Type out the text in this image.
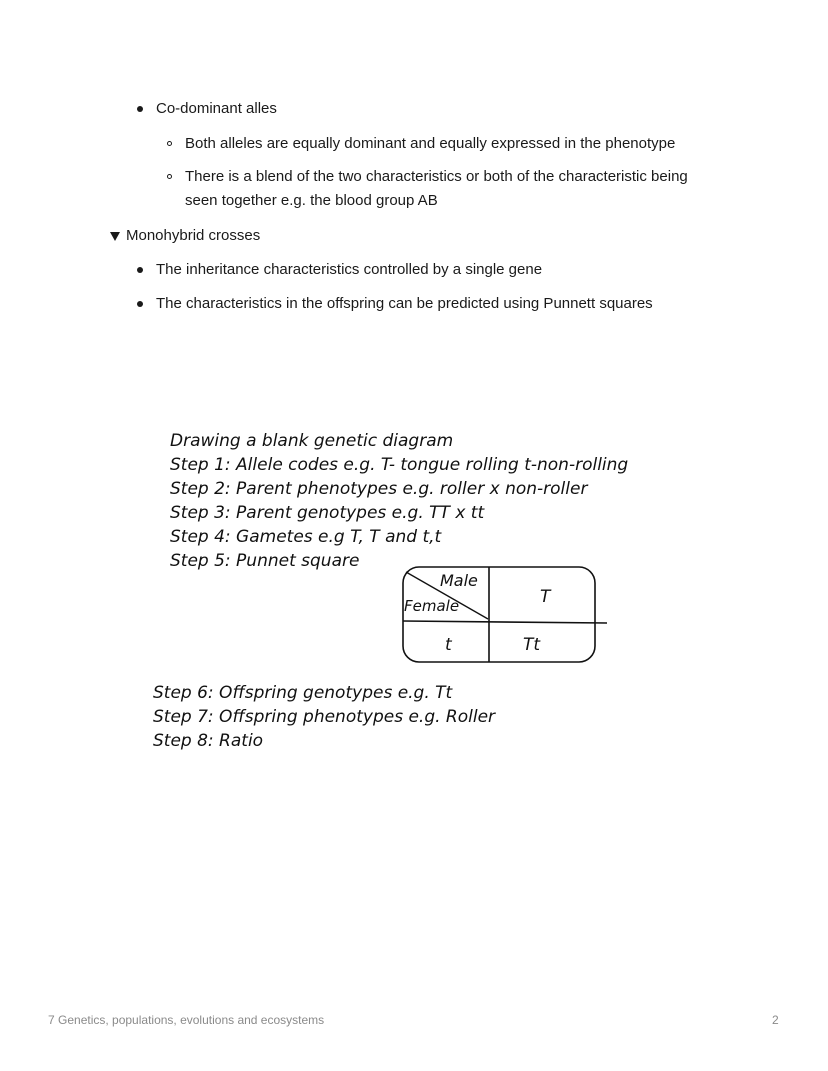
Co-dominant alles
Both alleles are equally dominant and equally expressed in the phenotype
There is a blend of the two characteristics or both of the characteristic being
seen together e.g. the blood group AB
Monohybrid crosses
The inheritance characteristics controlled by a single gene
The characteristics in the offspring can be predicted using Punnett squares
Drawing a blank genetic diagram
Step 1: Allele codes e.g. T- tongue rolling t-non-rolling
Step 2: Parent phenotypes e.g. roller x non-roller
Step 3: Parent genotypes e.g. TT x tt
Step 4: Gametes e.g T, T and t,t
Step 5: Punnet square
Male
Female	T
t	Tt
Step 6: Offspring genotypes e.g. Tt
Step 7: Offspring phenotypes e.g. Roller
Step 8: Ratio
7 Genetics, populations, evolutions and ecosystems	2
